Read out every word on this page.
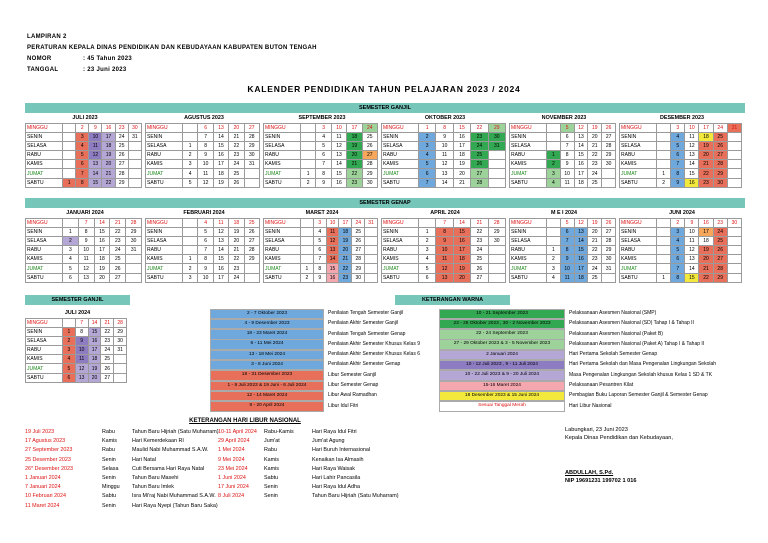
LAMPIRAN 2
PERATURAN KEPALA DINAS PENDIDIKAN DAN KEBUDAYAAN KABUPATEN BUTON TENGAH
NOMOR	: 45 Tahun 2023
TANGGAL	: 23 Juni 2023
KALENDER PENDIDIKAN TAHUN PELAJARAN 2023 / 2024
SEMESTER GANJIL
JULI 2023
MINGGU		2	9	16	23	30
SENIN		3	10	17	24	31
SELASA		4	11	18	25	
RABU		5	12	19	26	
KAMIS		6	13	20	27	
JUMAT		7	14	21	28	
SABTU	1	8	15	22	29	
AGUSTUS 2023
MINGGU		6	13	20	27
SENIN		7	14	21	28
SELASA	1	8	15	22	29
RABU	2	9	16	23	30
KAMIS	3	10	17	24	31
JUMAT	4	11	18	25	
SABTU	5	12	19	26	
SEPTEMBER 2023
MINGGU		3	10	17	24
SENIN		4	11	18	25
SELASA		5	12	19	26
RABU		6	13	20	27
KAMIS		7	14	21	28
JUMAT	1	8	15	22	29
SABTU	2	9	16	23	30
OKTOBER 2023
MINGGU	1	8	15	22	29
SENIN	2	9	16	23	30
SELASA	3	10	17	24	31
RABU	4	11	18	25	
KAMIS	5	12	19	26	
JUMAT	6	13	20	27	
SABTU	7	14	21	28	
NOVEMBER 2023
MINGGU		5	12	19	26
SENIN		6	13	20	27
SELASA		7	14	21	28
RABU	1	8	15	22	29
KAMIS	2	9	16	23	30
JUMAT	3	10	17	24	
SABTU	4	11	18	25	
DESEMBER 2023
MINGGU		3	10	17	24	31
SENIN		4	11	18	25	
SELASA		5	12	19	26	
RABU		6	13	20	27	
KAMIS		7	14	21	28	
JUMAT	1	8	15	22	29	
SABTU	2	9	16	23	30	
SEMESTER GENAP
JANUARI 2024
MINGGU		7	14	21	28
SENIN	1	8	15	22	29
SELASA	2	9	16	23	30
RABU	3	10	17	24	31
KAMIS	4	11	18	25	
JUMAT	5	12	19	26	
SABTU	6	13	20	27	
FEBRUARI 2024
MINGGU		4	11	18	25
SENIN		5	12	19	26
SELASA		6	13	20	27
RABU		7	14	21	28
KAMIS	1	8	15	22	29
JUMAT	2	9	16	23	
SABTU	3	10	17	24	
MARET 2024
MINGGU		3	10	17	24	31
SENIN		4	11	18	25	
SELASA		5	12	19	26	
RABU		6	13	20	27	
KAMIS		7	14	21	28	
JUMAT	1	8	15	22	29	
SABTU	2	9	16	23	30	
APRIL 2024
MINGGU		7	14	21	28
SENIN	1	8	15	22	29
SELASA	2	9	16	23	30
RABU	3	10	17	24	
KAMIS	4	11	18	25	
JUMAT	5	12	19	26	
SABTU	6	13	20	27	
M E I 2024
MINGGU		5	12	19	26
SENIN		6	13	20	27
SELASA		7	14	21	28
RABU	1	8	15	22	29
KAMIS	2	9	16	23	30
JUMAT	3	10	17	24	31
SABTU	4	11	18	25	
JUNI 2024
MINGGU		2	9	16	23	30
SENIN		3	10	17	24	
SELASA		4	11	18	25	
RABU		5	12	19	26	
KAMIS		6	13	20	27	
JUMAT		7	14	21	28	
SABTU	1	8	15	22	29	
SEMESTER GANJIL
JULI 2024
MINGGU		7	14	21	28
SENIN	1	8	15	22	29
SELASA	2	9	16	23	30
RABU	3	10	17	24	31
KAMIS	4	11	18	25	
JUMAT	5	12	19	26	
SABTU	6	13	20	27	
KETERANGAN WARNA
2 - 7 Oktober 2023	Penilaian Tengah Semester Ganjil
4 - 9 Desember 2023	Penilaian Akhir Semester Ganjil
18 - 23 Maret 2024	Penilaian Tengah Semester Genap
6 - 11 Mei 2024	Penilaian Akhir Semester Khusus Kelas 9
13 - 18 Mei 2024	Penilaian Akhir Semester Khusus Kelas 6
3 - 8 Juni 2024	Penilaian Akhir Semester Genap
18 - 31 Desember 2023	Libur Semester Ganjil
1 - 8 Juli 2023 & 19 Juni - 6 Juli 2024	Libur Semester Genap
12 - 14 Maret 2024	Libur Awal Ramadhan
8 - 20 April 2024	Libur Idul Fitri
10 - 21 September 2023	Pelaksanaan Asesmen Nasional (SMP)
23 - 26 Oktober 2023 , 30 - 2 November 2023	Pelaksanaan Asesmen Nasional (SD) Tahap I & Tahap II
22 - 24 September 2023	Pelaksanaan Asesmen Nasional (Paket B)
27 - 29 Oktober 2023 & 3 - 5 November 2023	Pelaksanaan Asesmen Nasional (Paket A) Tahap I & Tahap II
2 Januari 2024	Hari Pertama Sekolah Semester Genap
10 - 12 Juli 2023 , 9 - 11 Juli 2024	Hari Pertama Sekolah dan Masa Pengenalan Lingkungan Sekolah
10 - 22 Juli 2023 & 9 - 20 Juli 2024	Masa Pengenalan Lingkungan Sekolah khusus Kelas 1 SD & TK
15-16 Maret 2024	Pelaksanaan Pesantren Kilat
18 Desember 2023 & 15 Juni 2024	Pembagian Buku Laporan Semester Ganjil & Semester Genap
Sesuai Tanggal Merah	Hari Libur Nasional
KETERANGAN HARI LIBUR NASIONAL
19 Juli 2023	Rabu	Tahun Baru Hijriah (Satu Muharram)
17 Agustus 2023	Kamis	Hari Kemerdekaan RI
27 September 2023	Rabu	Maulid Nabi Muhammad S.A.W.
25 Desember 2023	Senin	Hari Natal
26* Desember 2023	Selasa	Cuti Bersama Hari Raya Natal
1 Januari 2024	Senin	Tahun Baru Masehi
7 Januari 2024	Minggu Tahun Baru Imlek
10 Februari 2024	Sabtu	Isra Mi'raj Nabi Muhammad S.A.W.
11 Maret 2024	Senin	Hari Raya Nyepi (Tahun Baru Saka)
10-11 April 2024 Rabu-Kamis	Hari Raya Idul Fitri
29 April 2024	Jum'at	Jum'at Agung
1 Mei 2024	Rabu	Hari Buruh Internasional
9 Mei 2024	Kamis	Kenaikan Isa Almasih
23 Mei 2024	Kamis	Hari Raya Waisak
1 Juni 2024	Sabtu	Hari Lahir Pancasila
17 Juni 2024	Senin	Hari Raya Idul Adha
8 Juli 2024	Senin	Tahun Baru Hijriah (Satu Muharram)
Labungkari, 23 Juni 2023
Kepala Dinas Pendidikan dan Kebudayaan,
ABDULLAH, S.Pd.
NIP 19691231 199702 1 016
